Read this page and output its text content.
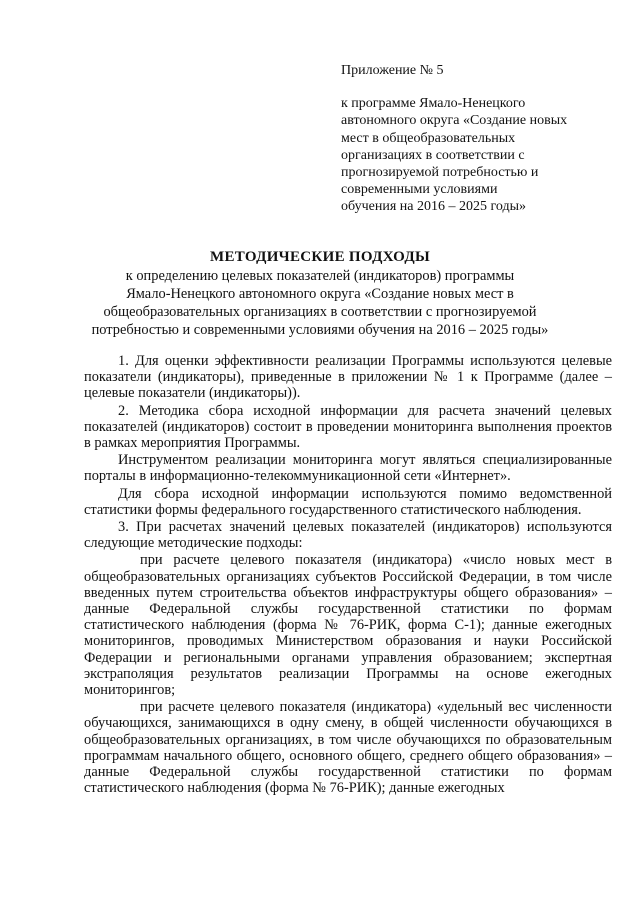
Приложение № 5
к программе Ямало-Ненецкого
автономного округа «Создание новых
мест в общеобразовательных
организациях в соответствии с
прогнозируемой потребностью и
современными условиями
обучения на 2016 – 2025 годы»
МЕТОДИЧЕСКИЕ ПОДХОДЫ
к определению целевых показателей (индикаторов) программы
Ямало-Ненецкого автономного округа «Создание новых мест в
общеобразовательных организациях в соответствии с прогнозируемой
потребностью и современными условиями обучения на 2016 – 2025 годы»

1. Для оценки эффективности реализации Программы используются целевые показатели (индикаторы), приведенные в приложении № 1 к Программе (далее – целевые показатели (индикаторы)).

2. Методика сбора исходной информации для расчета значений целевых показателей (индикаторов) состоит в проведении мониторинга выполнения проектов в рамках мероприятия Программы.

Инструментом реализации мониторинга могут являться специализированные порталы в информационно-телекоммуникационной сети «Интернет».

Для сбора исходной информации используются помимо ведомственной статистики формы федерального государственного статистического наблюдения.

3. При расчетах значений целевых показателей (индикаторов) используются следующие методические подходы:

при расчете целевого показателя (индикатора) «число новых мест в общеобразовательных организациях субъектов Российской Федерации, в том числе введенных путем строительства объектов инфраструктуры общего образования» – данные Федеральной службы государственной статистики по формам статистического наблюдения (форма № 76-РИК, форма С-1); данные ежегодных мониторингов, проводимых Министерством образования и науки Российской Федерации и региональными органами управления образованием; экспертная экстраполяция результатов реализации Программы на основе ежегодных мониторингов;

при расчете целевого показателя (индикатора) «удельный вес численности обучающихся, занимающихся в одну смену, в общей численности обучающихся в общеобразовательных организациях, в том числе обучающихся по образовательным программам начального общего, основного общего, среднего общего образования» – данные Федеральной службы государственной статистики по формам статистического наблюдения (форма № 76-РИК); данные ежегодных
